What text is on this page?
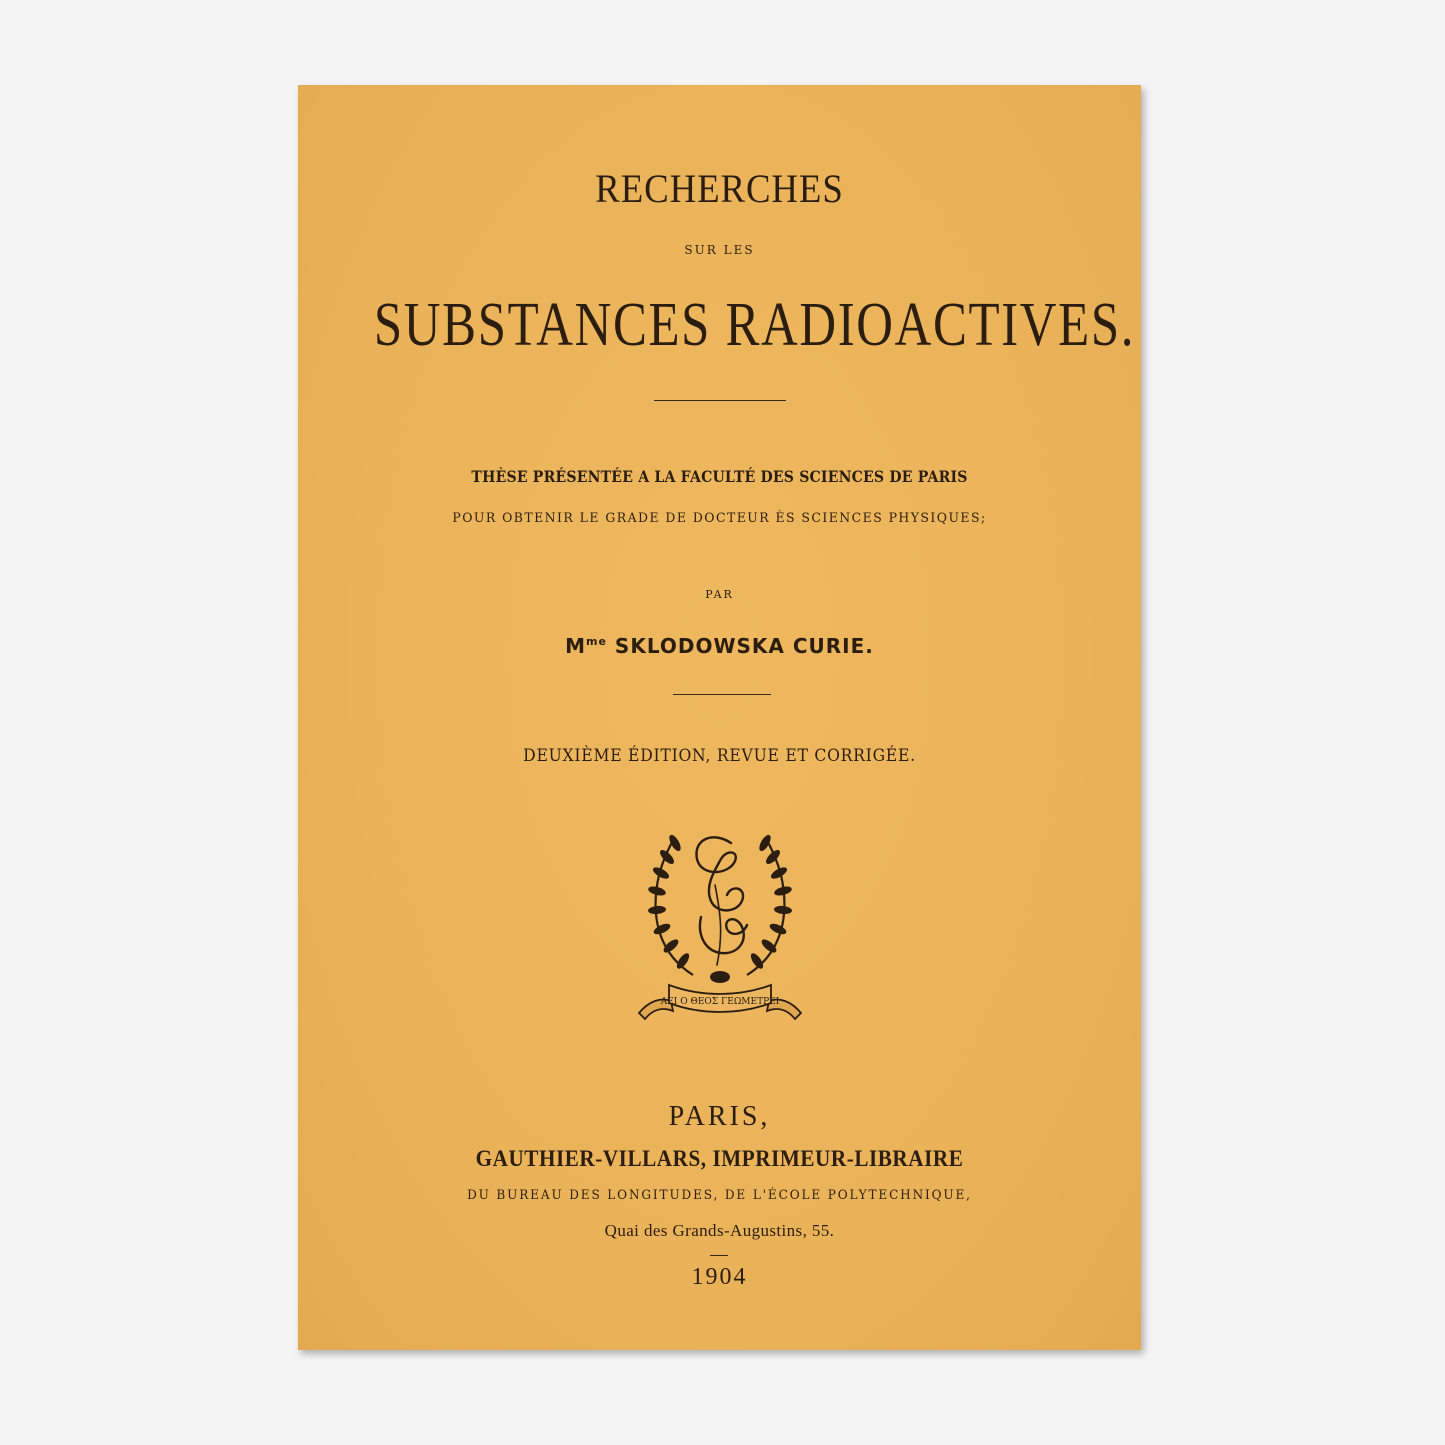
RECHERCHES

SUR LES

SUBSTANCES RADIOACTIVES.

THÈSE PRÉSENTÉE A LA FACULTÉ DES SCIENCES DE PARIS

POUR OBTENIR LE GRADE DE DOCTEUR ÈS SCIENCES PHYSIQUES;

PAR

$M^{me}$ SKLODOWSKA CURIE.

DEUXIÈME ÉDITION, REVUE ET CORRIGÉE.

ΑΕΙ Ο ΘΕΟΣ ΓΕΩΜΕΤΡΕΙ

PARIS,

GAUTHIER-VILLARS, IMPRIMEUR-LIBRAIRE

DU BUREAU DES LONGITUDES, DE L'ÉCOLE POLYTECHNIQUE,

Quai des Grands-Augustins, 55.

1904
